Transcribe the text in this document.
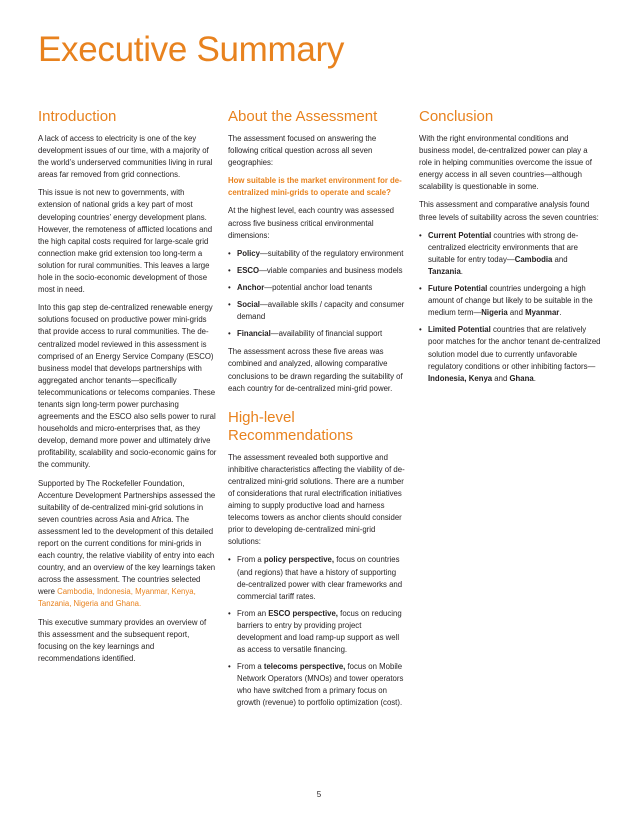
Executive Summary
Introduction

A lack of access to electricity is one of the key development issues of our time, with a majority of the world’s underserved communities living in rural areas far removed from grid connections.

This issue is not new to governments, with extension of national grids a key part of most developing countries’ energy development plans. However, the remoteness of afflicted locations and the high capital costs required for large-scale grid connection make grid extension too long-term a solution for rural communities. This leaves a large hole in the socio-economic development of those most in need.

Into this gap step de-centralized renewable energy solutions focused on productive power mini-grids that provide access to rural communities. The de-centralized model reviewed in this assessment is comprised of an Energy Service Company (ESCO) business model that develops partnerships with aggregated anchor tenants—specifically telecommunications or telecoms companies. These tenants sign long-term power purchasing agreements and the ESCO also sells power to rural households and micro-enterprises that, as they develop, demand more power and ultimately drive profitability, scalability and socio-economic gains for the community.

Supported by The Rockefeller Foundation, Accenture Development Partnerships assessed the suitability of de-centralized mini-grid solutions in seven countries across Asia and Africa. The assessment led to the development of this detailed report on the current conditions for mini-grids in each country, the relative viability of entry into each country, and an overview of the key learnings taken across the assessment. The countries selected were Cambodia, Indonesia, Myanmar, Kenya, Tanzania, Nigeria and Ghana.

This executive summary provides an overview of this assessment and the subsequent report, focusing on the key learnings and recommendations identified.

About the Assessment

The assessment focused on answering the following critical question across all seven geographies:

How suitable is the market environment for de-centralized mini-grids to operate and scale?

At the highest level, each country was assessed across five business critical environmental dimensions:

• Policy—suitability of the regulatory environment
• ESCO—viable companies and business models
• Anchor—potential anchor load tenants
• Social—available skills / capacity and consumer demand
• Financial—availability of financial support

The assessment across these five areas was combined and analyzed, allowing comparative conclusions to be drawn regarding the suitability of each country for de-centralized mini-grid power.

High-level Recommendations

The assessment revealed both supportive and inhibitive characteristics affecting the viability of de-centralized mini-grid solutions. There are a number of considerations that rural electrification initiatives aiming to supply productive load and harness telecoms towers as anchor clients should consider prior to developing de-centralized mini-grid solutions:

• From a policy perspective, focus on countries (and regions) that have a history of supporting de-centralized power with clear frameworks and commercial tariff rates.
• From an ESCO perspective, focus on reducing barriers to entry by providing project development and load ramp-up support as well as access to versatile financing.
• From a telecoms perspective, focus on Mobile Network Operators (MNOs) and tower operators who have switched from a primary focus on growth (revenue) to portfolio optimization (cost).
Conclusion

With the right environmental conditions and business model, de-centralized power can play a role in helping communities overcome the issue of energy access in all seven countries—although scalability is questionable in some.

This assessment and comparative analysis found three levels of suitability across the seven countries:

• Current Potential countries with strong de-centralized electricity environments that are suitable for entry today—Cambodia and Tanzania.
• Future Potential countries undergoing a high amount of change but likely to be suitable in the medium term—Nigeria and Myanmar.
• Limited Potential countries that are relatively poor matches for the anchor tenant de-centralized solution model due to currently unfavorable regulatory conditions or other inhibiting factors— Indonesia, Kenya and Ghana.
5
